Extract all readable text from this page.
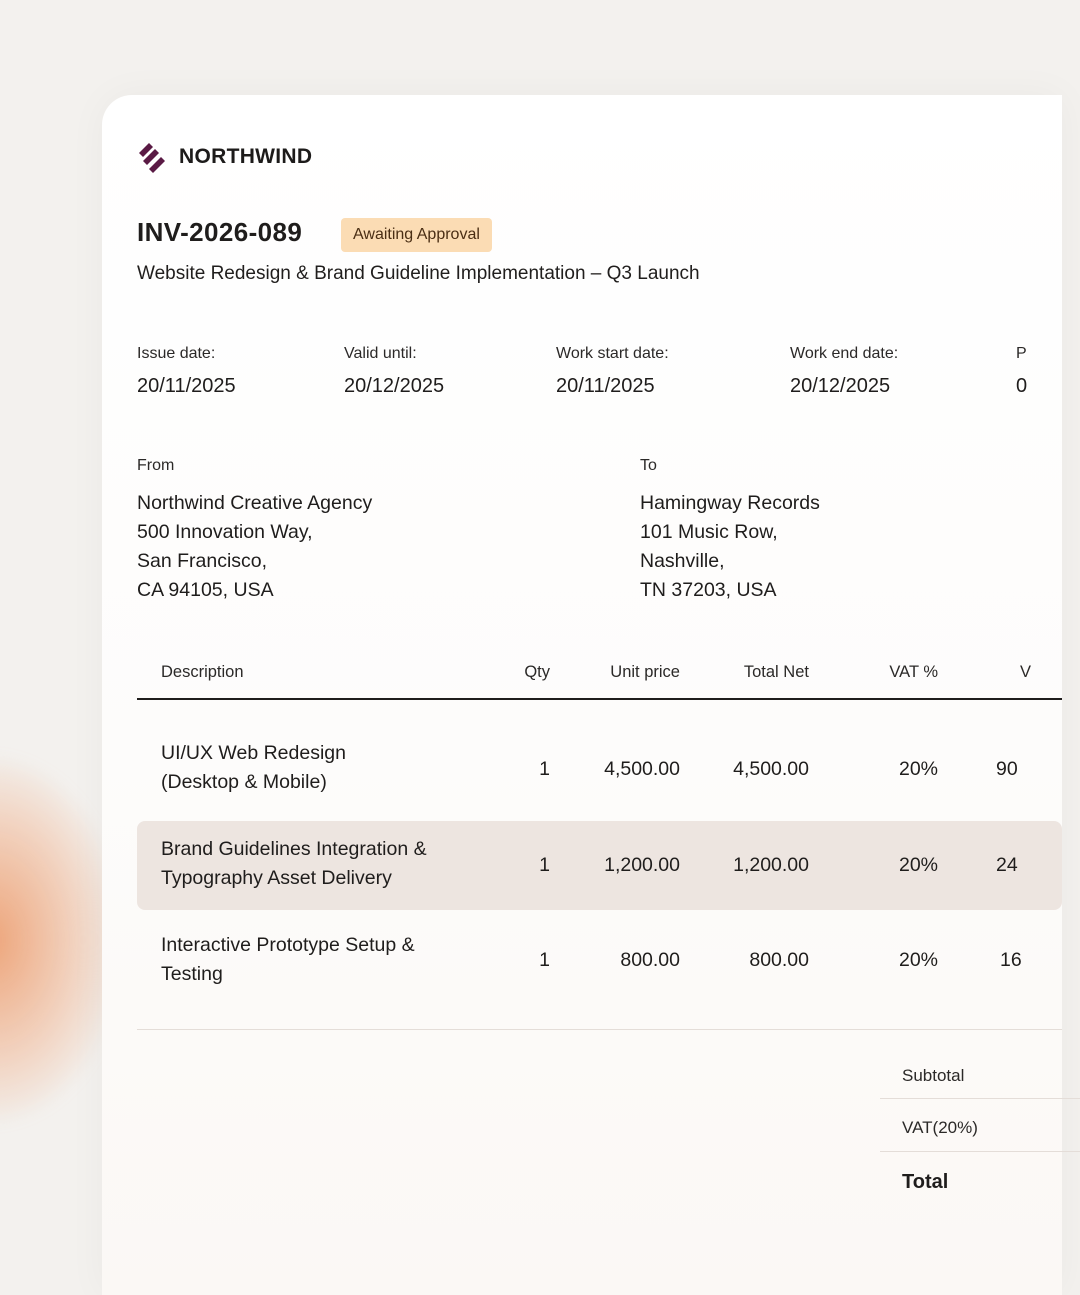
NORTHWIND
INV-2026-089	Awaiting Approval
Website Redesign & Brand Guideline Implementation – Q3 Launch
Issue date:
20/11/2025
Valid until:
20/12/2025
Work start date:
20/11/2025
Work end date:
20/12/2025
P
0
From
Northwind Creative Agency
500 Innovation Way,
San Francisco,
CA 94105, USA
To
Hamingway Records
101 Music Row,
Nashville,
TN 37203, USA
Description	Qty	Unit price	Total Net	VAT %	V
UI/UX Web Redesign
(Desktop & Mobile)
1	4,500.00	4,500.00	20%	90
Brand Guidelines Integration &
Typography Asset Delivery
1	1,200.00	1,200.00	20%	24
Interactive Prototype Setup &
Testing
1	800.00	800.00	20%	16
Subtotal
VAT(20%)
Total
